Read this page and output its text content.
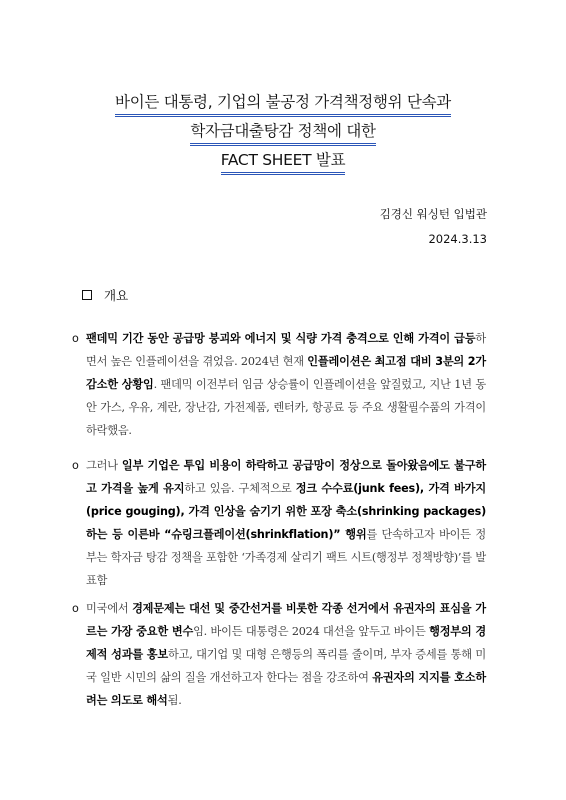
바이든 대통령, 기업의 불공정 가격책정행위 단속과
학자금대출탕감 정책에 대한
FACT SHEET 발표
김경신 워싱턴 입법관
2024.3.13
개요
o 팬데믹 기간 동안 공급망 붕괴와 에너지 및 식량 가격 충격으로 인해 가격이 급등하면서 높은 인플레이션을 겪었음. 2024년 현재 인플레이션은 최고점 대비 3분의 2가 감소한 상황임. 팬데믹 이전부터 임금 상승률이 인플레이션을 앞질렀고, 지난 1년 동안 가스, 우유, 계란, 장난감, 가전제품, 렌터카, 항공료 등 주요 생활필수품의 가격이 하락했음.
o 그러나 일부 기업은 투입 비용이 하락하고 공급망이 정상으로 돌아왔음에도 불구하고 가격을 높게 유지하고 있음. 구체적으로 정크 수수료(junk fees), 가격 바가지(price gouging), 가격 인상을 숨기기 위한 포장 축소(shrinking packages)하는 등 이른바 “슈링크플레이션(shrinkflation)” 행위를 단속하고자 바이든 정부는 학자금 탕감 정책을 포함한 ‘가족경제 살리기 팩트 시트(행정부 정책방향)’를 발표함
o 미국에서 경제문제는 대선 및 중간선거를 비롯한 각종 선거에서 유권자의 표심을 가르는 가장 중요한 변수임. 바이든 대통령은 2024 대선을 앞두고 바이든 행정부의 경제적 성과를 홍보하고, 대기업 및 대형 은행등의 폭리를 줄이며, 부자 증세를 통해 미국 일반 시민의 삶의 질을 개선하고자 한다는 점을 강조하여 유권자의 지지를 호소하려는 의도로 해석됨.
